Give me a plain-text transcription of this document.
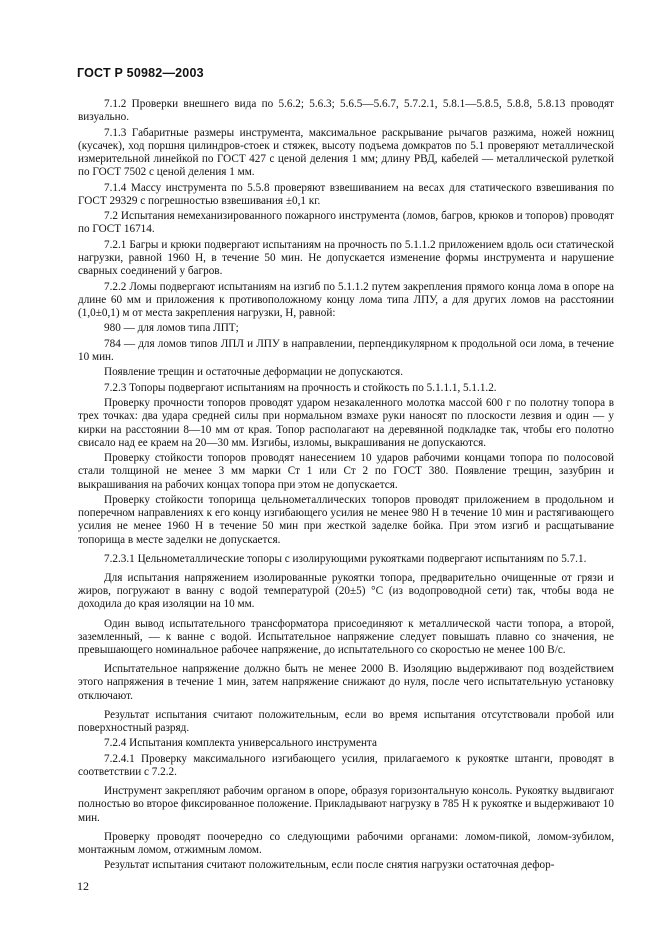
ГОСТ Р 50982—2003

7.1.2 Проверки внешнего вида по 5.6.2; 5.6.3; 5.6.5—5.6.7, 5.7.2.1, 5.8.1—5.8.5, 5.8.8, 5.8.13 проводят визуально.

7.1.3 Габаритные размеры инструмента, максимальное раскрывание рычагов разжима, ножей ножниц (кусачек), ход поршня цилиндров-стоек и стяжек, высоту подъема домкратов по 5.1 проверяют металлической измерительной линейкой по ГОСТ 427 с ценой деления 1 мм; длину РВД, кабелей — металлической рулеткой по ГОСТ 7502 с ценой деления 1 мм.

7.1.4 Массу инструмента по 5.5.8 проверяют взвешиванием на весах для статического взвешивания по ГОСТ 29329 с погрешностью взвешивания ±0,1 кг.

7.2 Испытания немеханизированного пожарного инструмента (ломов, багров, крюков и топоров) проводят по ГОСТ 16714.

7.2.1 Багры и крюки подвергают испытаниям на прочность по 5.1.1.2 приложением вдоль оси статической нагрузки, равной 1960 Н, в течение 50 мин. Не допускается изменение формы инструмента и нарушение сварных соединений у багров.

7.2.2 Ломы подвергают испытаниям на изгиб по 5.1.1.2 путем закрепления прямого конца лома в опоре на длине 60 мм и приложения к противоположному концу лома типа ЛПУ, а для других ломов на расстоянии (1,0±0,1) м от места закрепления нагрузки, Н, равной:

980 — для ломов типа ЛПТ;

784 — для ломов типов ЛПЛ и ЛПУ в направлении, перпендикулярном к продольной оси лома, в течение 10 мин.

Появление трещин и остаточные деформации не допускаются.

7.2.3 Топоры подвергают испытаниям на прочность и стойкость по 5.1.1.1, 5.1.1.2.

Проверку прочности топоров проводят ударом незакаленного молотка массой 600 г по полотну топора в трех точках: два удара средней силы при нормальном взмахе руки наносят по плоскости лезвия и один — у кирки на расстоянии 8—10 мм от края. Топор располагают на деревянной подкладке так, чтобы его полотно свисало над ее краем на 20—30 мм. Изгибы, изломы, выкрашивания не допускаются.

Проверку стойкости топоров проводят нанесением 10 ударов рабочими концами топора по полосовой стали толщиной не менее 3 мм марки Ст 1 или Ст 2 по ГОСТ 380. Появление трещин, зазубрин и выкрашивания на рабочих концах топора при этом не допускается.

Проверку стойкости топорища цельнометаллических топоров проводят приложением в продольном и поперечном направлениях к его концу изгибающего усилия не менее 980 Н в течение 10 мин и растягивающего усилия не менее 1960 Н в течение 50 мин при жесткой заделке бойка. При этом изгиб и расщатывание топорища в месте заделки не допускается.

7.2.3.1 Цельнометаллические топоры с изолирующими рукоятками подвергают испытаниям по 5.7.1.

Для испытания напряжением изолированные рукоятки топора, предварительно очищенные от грязи и жиров, погружают в ванну с водой температурой (20±5) °С (из водопроводной сети) так, чтобы вода не доходила до края изоляции на 10 мм.

Один вывод испытательного трансформатора присоединяют к металлической части топора, а второй, заземленный, — к ванне с водой. Испытательное напряжение следует повышать плавно со значения, не превышающего номинальное рабочее напряжение, до испытательного со скоростью не менее 100 В/с.

Испытательное напряжение должно быть не менее 2000 В. Изоляцию выдерживают под воздействием этого напряжения в течение 1 мин, затем напряжение снижают до нуля, после чего испытательную установку отключают.

Результат испытания считают положительным, если во время испытания отсутствовали пробой или поверхностный разряд.

7.2.4 Испытания комплекта универсального инструмента

7.2.4.1 Проверку максимального изгибающего усилия, прилагаемого к рукоятке штанги, проводят в соответствии с 7.2.2.

Инструмент закрепляют рабочим органом в опоре, образуя горизонтальную консоль. Рукоятку выдвигают полностью во второе фиксированное положение. Прикладывают нагрузку в 785 Н к рукоятке и выдерживают 10 мин.

Проверку проводят поочередно со следующими рабочими органами: ломом-пикой, ломом-зубилом, монтажным ломом, отжимным ломом.

Результат испытания считают положительным, если после снятия нагрузки остаточная дефор-

12
